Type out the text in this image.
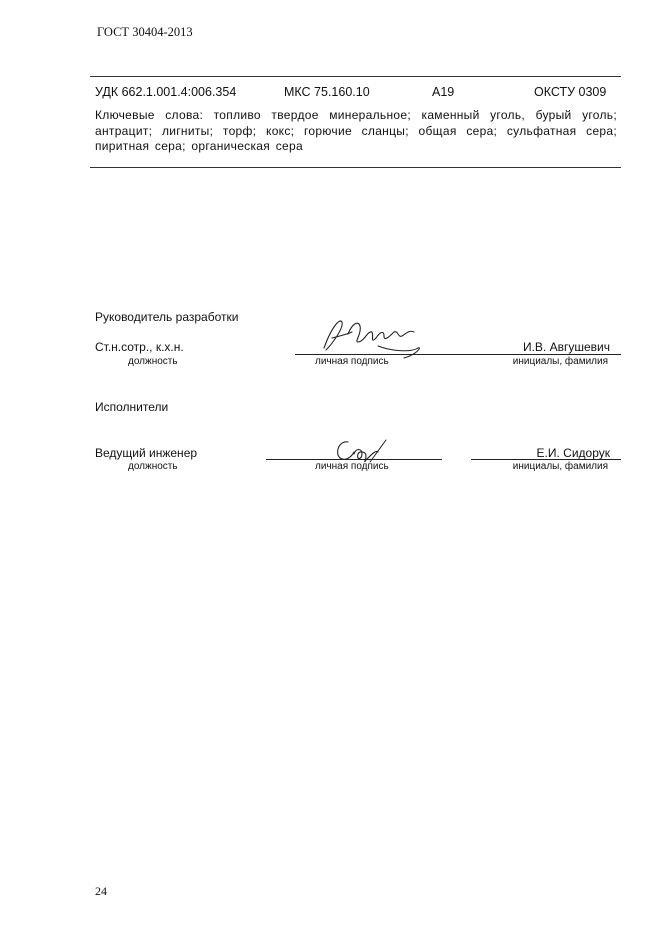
ГОСТ 30404-2013
УДК 662.1.001.4:006.354	МКС 75.160.10	А19	ОКСТУ 0309
Ключевые слова: топливо твердое минеральное; каменный уголь, бурый уголь; антрацит; лигниты; торф; кокс; горючие сланцы; общая сера; сульфатная сера; пиритная сера; органическая сера
Руководитель разработки
Ст.н.сотр., к.х.н.	И.В. Авгушевич
должность	личная подпись	инициалы, фамилия
Исполнители
Ведущий инженер	Е.И. Сидорук
должность	личная подпись	инициалы, фамилия
24
